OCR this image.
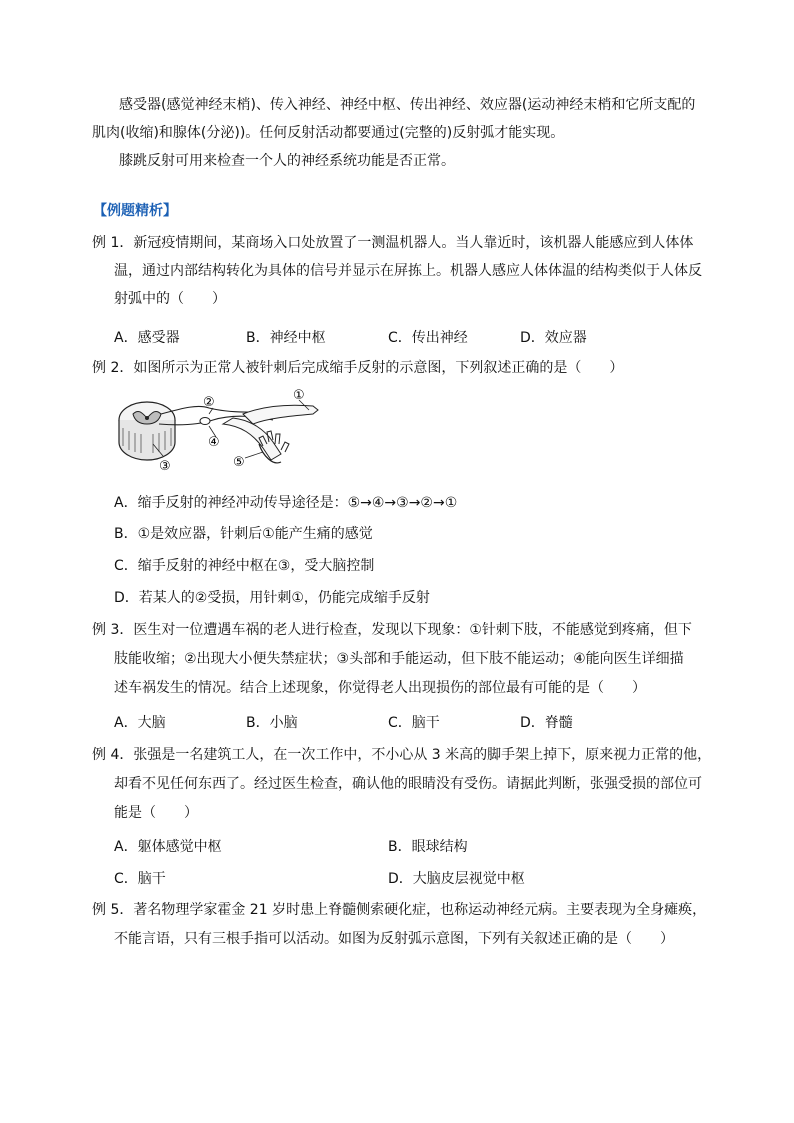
感受器(感觉神经末梢)、传入神经、神经中枢、传出神经、效应器(运动神经末梢和它所支配的
肌肉(收缩)和腺体(分泌))。任何反射活动都要通过(完整的)反射弧才能实现。
膝跳反射可用来检查一个人的神经系统功能是否正常。
【例题精析】
例 1．新冠疫情期间，某商场入口处放置了一测温机器人。当人靠近时，该机器人能感应到人体体
温，通过内部结构转化为具体的信号并显示在屏拣上。机器人感应人体体温的结构类似于人体反
射弧中的（　　）
A．感受器	B．神经中枢	C．传出神经	D．效应器
例 2．如图所示为正常人被针刺后完成缩手反射的示意图，下列叙述正确的是（　　）
①
②
③
④
⑤
A．缩手反射的神经冲动传导途径是：⑤→④→③→②→①
B．①是效应器，针刺后①能产生痛的感觉
C．缩手反射的神经中枢在③，受大脑控制
D．若某人的②受损，用针刺①，仍能完成缩手反射
例 3．医生对一位遭遇车祸的老人进行检查，发现以下现象：①针刺下肢，不能感觉到疼痛，但下
肢能收缩；②出现大小便失禁症状；③头部和手能运动，但下肢不能运动；④能向医生详细描
述车祸发生的情况。结合上述现象，你觉得老人出现损伤的部位最有可能的是（　　）
A．大脑	B．小脑	C．脑干	D．脊髓
例 4．张强是一名建筑工人，在一次工作中，不小心从 3 米高的脚手架上掉下，原来视力正常的他，
却看不见任何东西了。经过医生检查，确认他的眼睛没有受伤。请据此判断，张强受损的部位可
能是（　　）
A．躯体感觉中枢	B．眼球结构
C．脑干	D．大脑皮层视觉中枢
例 5．著名物理学家霍金 21 岁时患上脊髓侧索硬化症，也称运动神经元病。主要表现为全身瘫痪，
不能言语，只有三根手指可以活动。如图为反射弧示意图，下列有关叙述正确的是（　　）
